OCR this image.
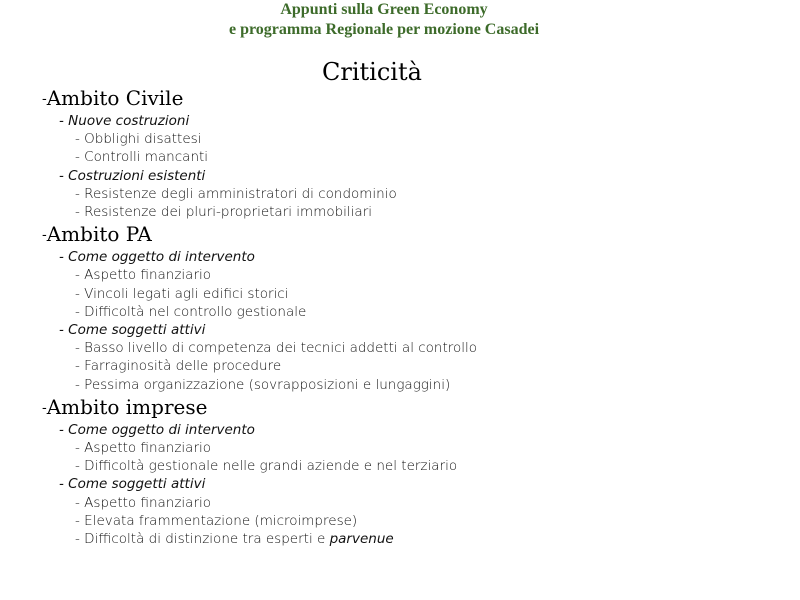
Appunti sulla Green Economy
e programma Regionale per mozione Casadei
Criticità
-Ambito Civile
- Nuove costruzioni
- Obblighi disattesi
- Controlli mancanti
- Costruzioni esistenti
- Resistenze degli amministratori di condominio
- Resistenze dei pluri-proprietari immobiliari
-Ambito PA
- Come oggetto di intervento
- Aspetto finanziario
- Vincoli legati agli edifici storici
- Difficoltà nel controllo gestionale
- Come soggetti attivi
- Basso livello di competenza dei tecnici addetti al controllo
- Farraginosità delle procedure
- Pessima organizzazione (sovrapposizioni e lungaggini)
-Ambito imprese
- Come oggetto di intervento
- Aspetto finanziario
- Difficoltà gestionale nelle grandi aziende e nel terziario
- Come soggetti attivi
- Aspetto finanziario
- Elevata frammentazione (microimprese)
- Difficoltà di distinzione tra esperti e parvenue
